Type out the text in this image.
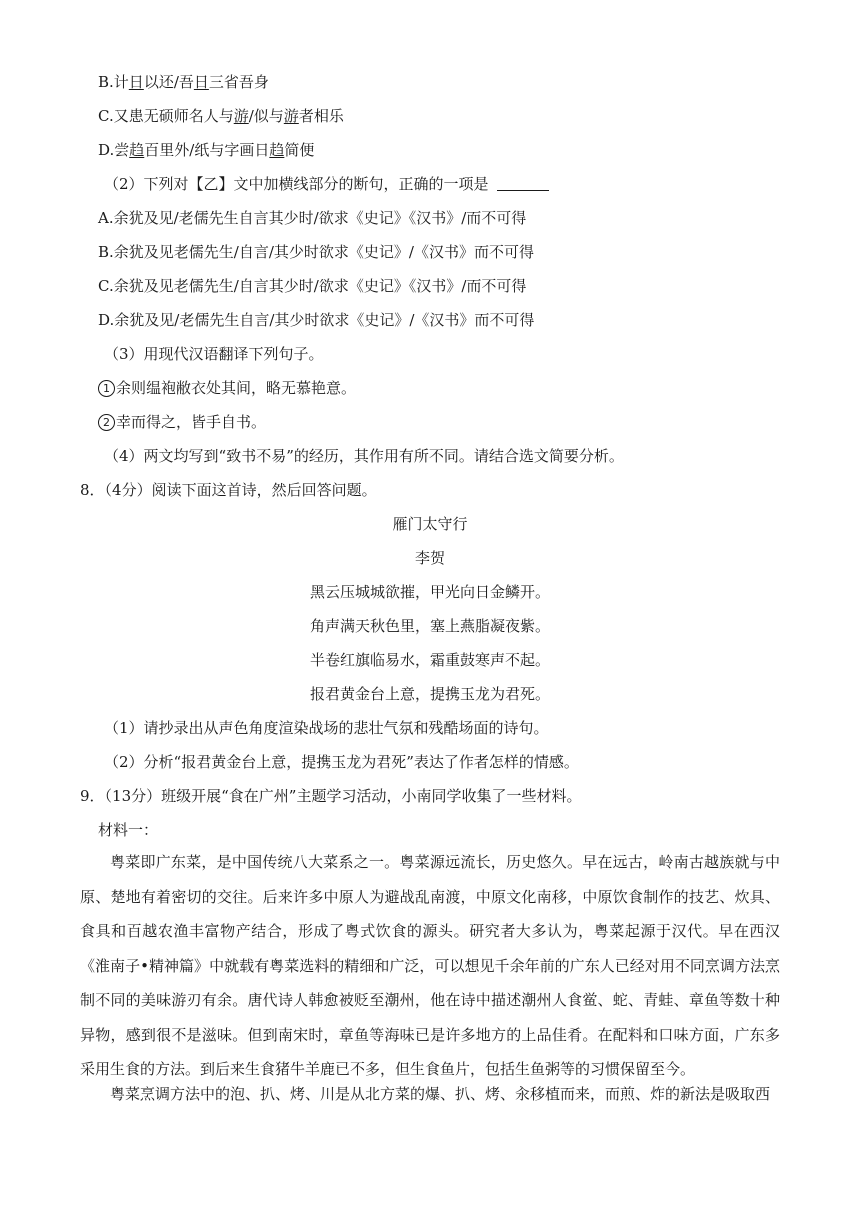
B.计日以还/吾日三省吾身
C.又患无硕师名人与游/似与游者相乐
D.尝趋百里外/纸与字画日趋简便
（2）下列对【乙】文中加横线部分的断句，正确的一项是
A.余犹及见/老儒先生自言其少时/欲求《史记》《汉书》/而不可得
B.余犹及见老儒先生/自言/其少时欲求《史记》/《汉书》而不可得
C.余犹及见老儒先生/自言其少时/欲求《史记》《汉书》/而不可得
D.余犹及见/老儒先生自言/其少时欲求《史记》/《汉书》而不可得
（3）用现代汉语翻译下列句子。
1 余则缊袍敝衣处其间，略无慕艳意。
2 幸而得之，皆手自书。
（4）两文均写到“致书不易”的经历，其作用有所不同。请结合选文简要分析。
8．（4分）阅读下面这首诗，然后回答问题。
雁门太守行
李贺
黑云压城城欲摧，甲光向日金鳞开。
角声满天秋色里，塞上燕脂凝夜紫。
半卷红旗临易水，霜重鼓寒声不起。
报君黄金台上意，提携玉龙为君死。
（1）请抄录出从声色角度渲染战场的悲壮气氛和残酷场面的诗句。
（2）分析“报君黄金台上意，提携玉龙为君死”表达了作者怎样的情感。
9．（13分）班级开展“食在广州”主题学习活动，小南同学收集了一些材料。
材料一：
粤菜即广东菜，是中国传统八大菜系之一。粤菜源远流长，历史悠久。早在远古，岭南古越族就与中原、楚地有着密切的交往。后来许多中原人为避战乱南渡，中原文化南移，中原饮食制作的技艺、炊具、食具和百越农渔丰富物产结合，形成了粤式饮食的源头。研究者大多认为，粤菜起源于汉代。早在西汉《淮南子•精神篇》中就载有粤菜选料的精细和广泛，可以想见千余年前的广东人已经对用不同烹调方法烹制不同的美味游刃有余。唐代诗人韩愈被贬至潮州，他在诗中描述潮州人食鲎、蛇、青蛙、章鱼等数十种异物，感到很不是滋味。但到南宋时，章鱼等海味已是许多地方的上品佳肴。在配料和口味方面，广东多采用生食的方法。到后来生食猪牛羊鹿已不多，但生食鱼片，包括生鱼粥等的习惯保留至今。
粤菜烹调方法中的泡、扒、烤、川是从北方菜的爆、扒、烤、汆移植而来，而煎、炸的新法是吸取西
